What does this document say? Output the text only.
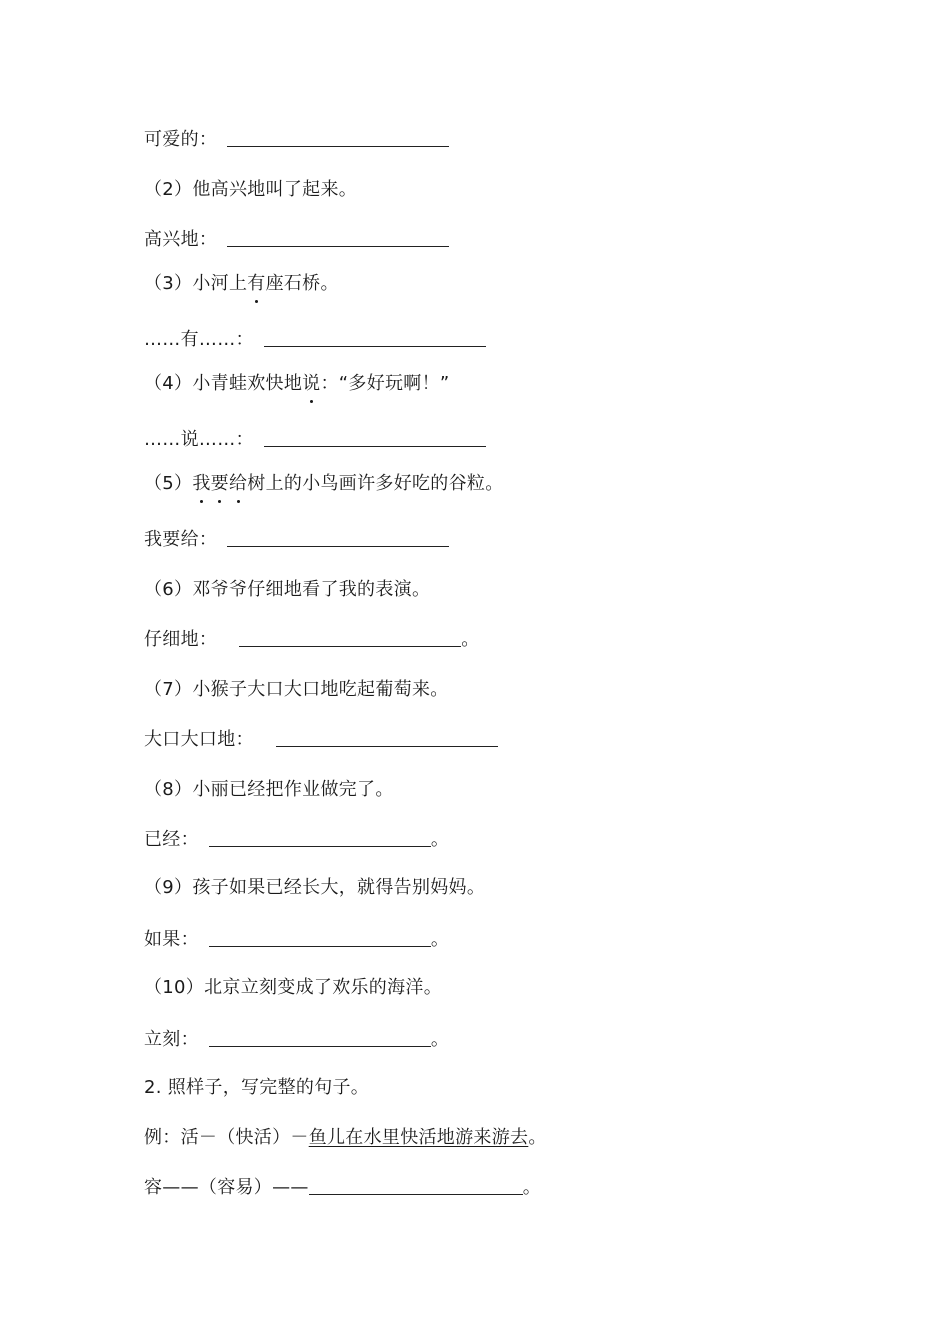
可爱的：
（2）他高兴地叫了起来。
高兴地：
（3）小河上有座石桥。
……有……：
（4）小青蛙欢快地说：“多好玩啊！”
……说……：
（5）我要给树上的小鸟画许多好吃的谷粒。
我要给：
（6）邓爷爷仔细地看了我的表演。
仔细地：	。
（7）小猴子大口大口地吃起葡萄来。
大口大口地：
（8）小丽已经把作业做完了。
已经：	。
（9）孩子如果已经长大，就得告别妈妈。
如果：	。
（10）北京立刻变成了欢乐的海洋。
立刻：	。
2. 照样子，写完整的句子。
例：活－（快活）－鱼儿在水里快活地游来游去。
容——（容易）——	。
